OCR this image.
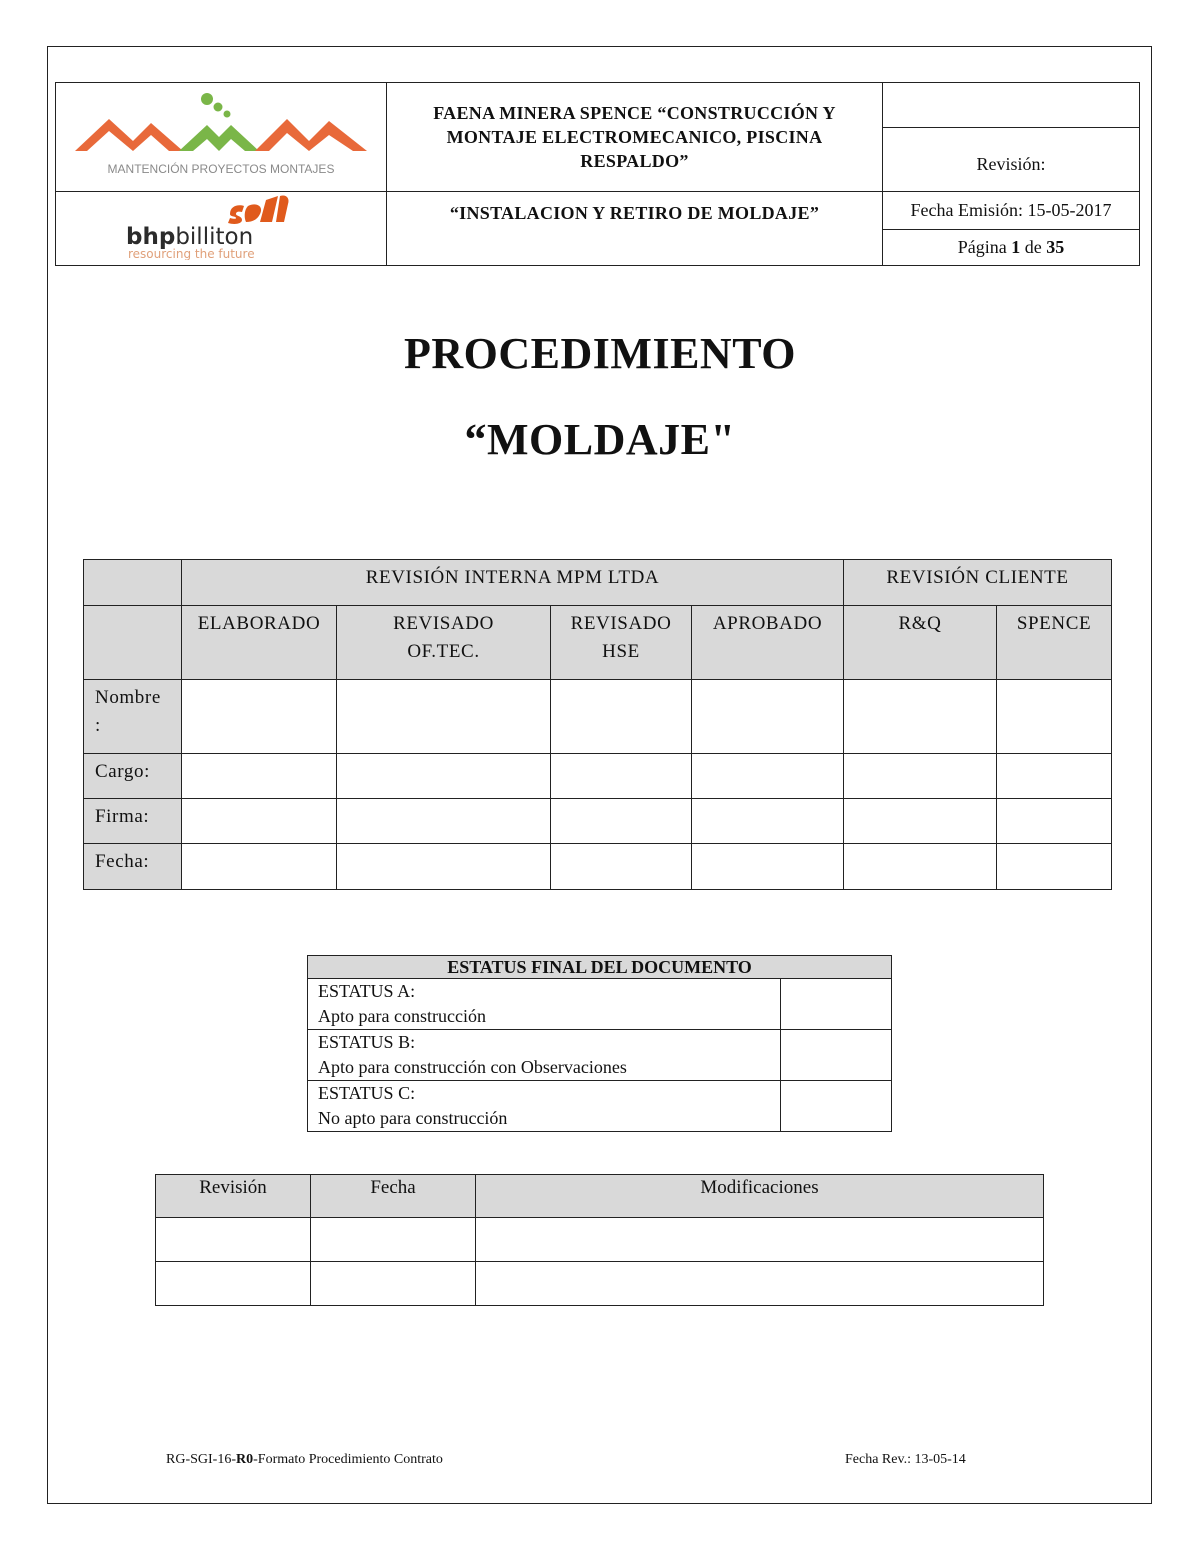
MANTENCIÓN PROYECTOS MONTAJES	FAENA MINERA SPENCE “CONSTRUCCIÓN Y MONTAJE ELECTROMECANICO, PISCINA RESPALDO”	
		Revisión:

bhpbilliton
resourcing the future	“INSTALACION Y RETIRO DE MOLDAJE”	Fecha Emisión: 15-05-2017
		Página 1 de 35
PROCEDIMIENTO
“MOLDAJE"
	REVISIÓN INTERNA MPM LTDA				REVISIÓN CLIENTE	
	ELABORADO	REVISADO OF.TEC.	REVISADO HSE	APROBADO	R&Q	SPENCE
Nombre :						
Cargo:						
Firma:						
Fecha:						
ESTATUS FINAL DEL DOCUMENTO	

ESTATUS A:
Apto para construcción	

ESTATUS B:
Apto para construcción con Observaciones	

ESTATUS C:
No apto para construcción	

Revisión	Fecha	Modificaciones

RG-SGI-16-R0-Formato Procedimiento Contrato	Fecha Rev.: 13-05-14
